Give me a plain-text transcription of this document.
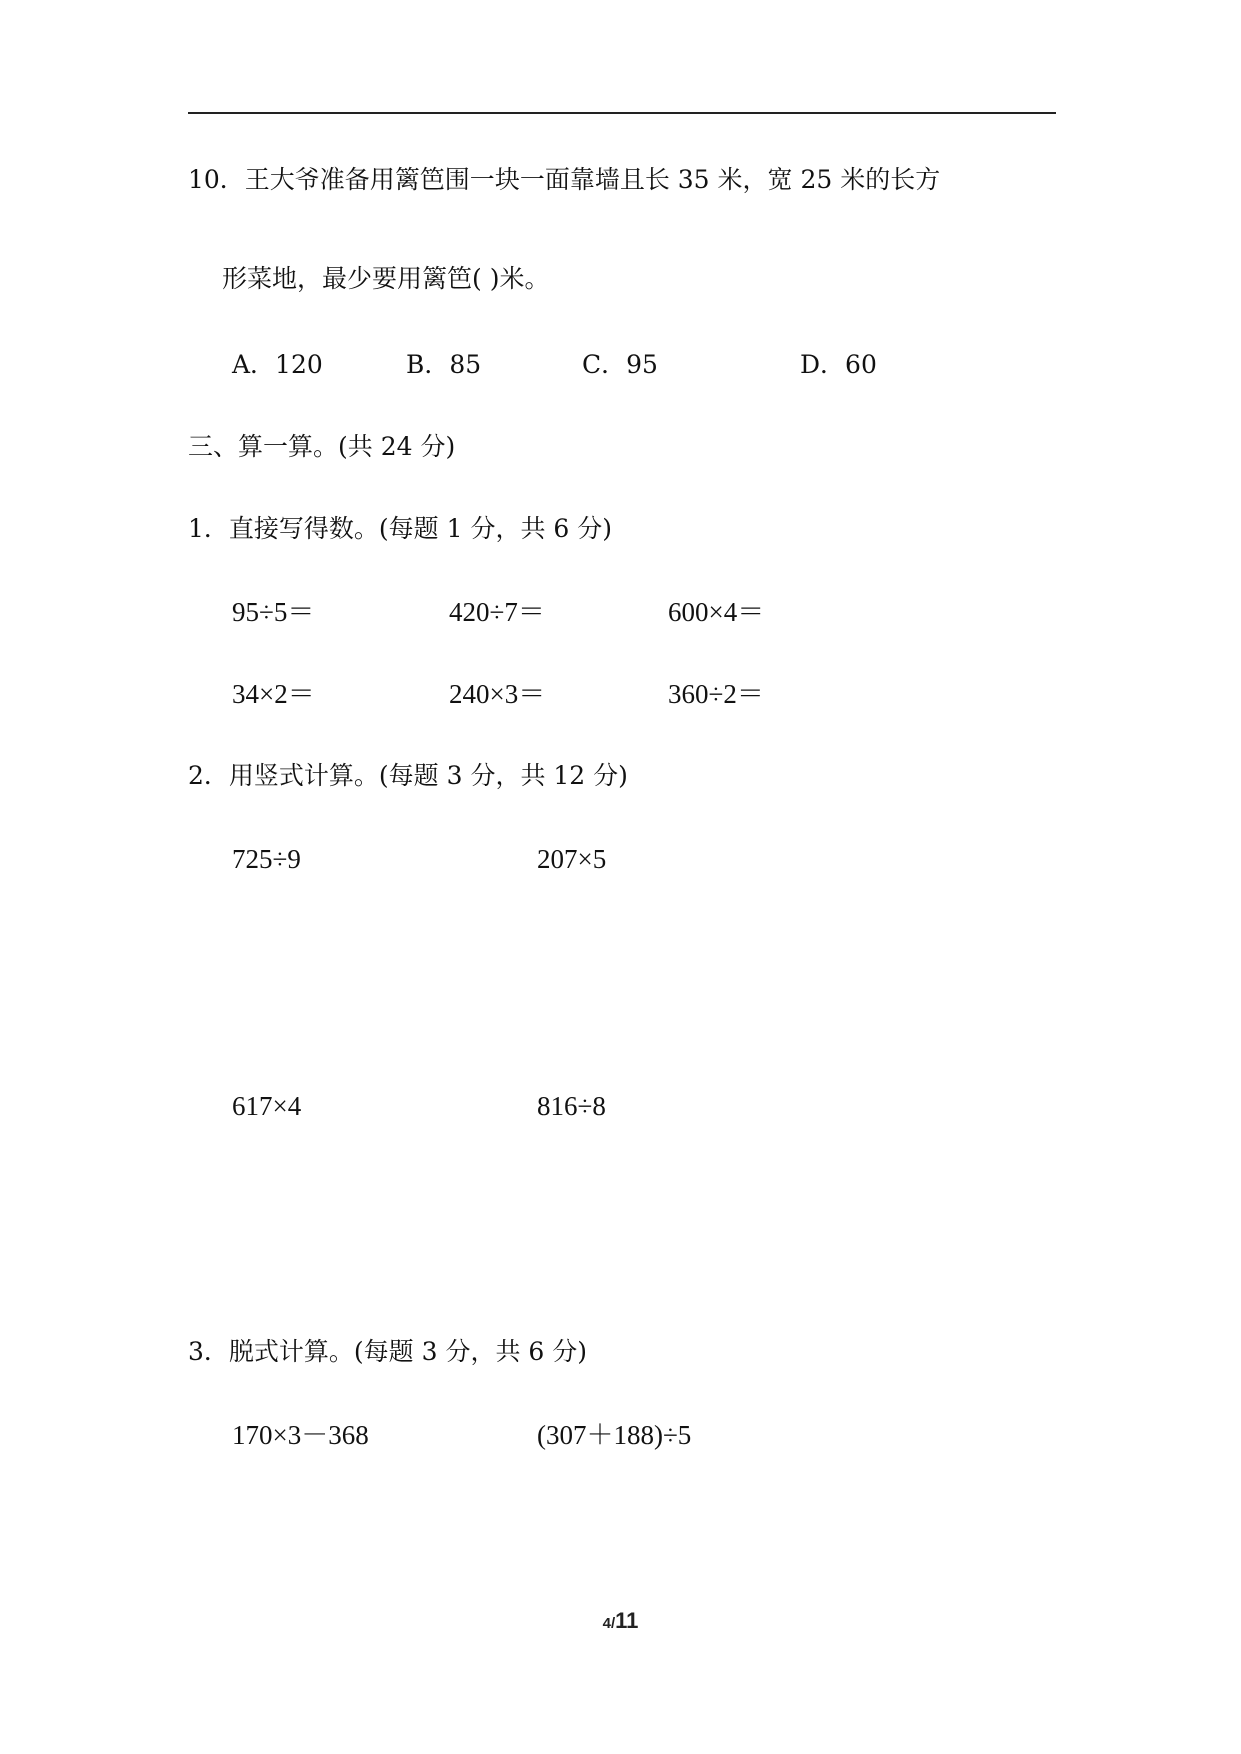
10．王大爷准备用篱笆围一块一面靠墙且长 35 米，宽 25 米的长方
形菜地，最少要用篱笆( )米。
A．120	B．85	C．95	D．60
三、算一算。(共 24 分)
1．直接写得数。(每题 1 分，共 6 分)
95÷5＝	420÷7＝	600×4＝
34×2＝	240×3＝	360÷2＝
2．用竖式计算。(每题 3 分，共 12 分)
725÷9	207×5
617×4	816÷8
3．脱式计算。(每题 3 分，共 6 分)
170×3－368	(307＋188)÷5
4/11
